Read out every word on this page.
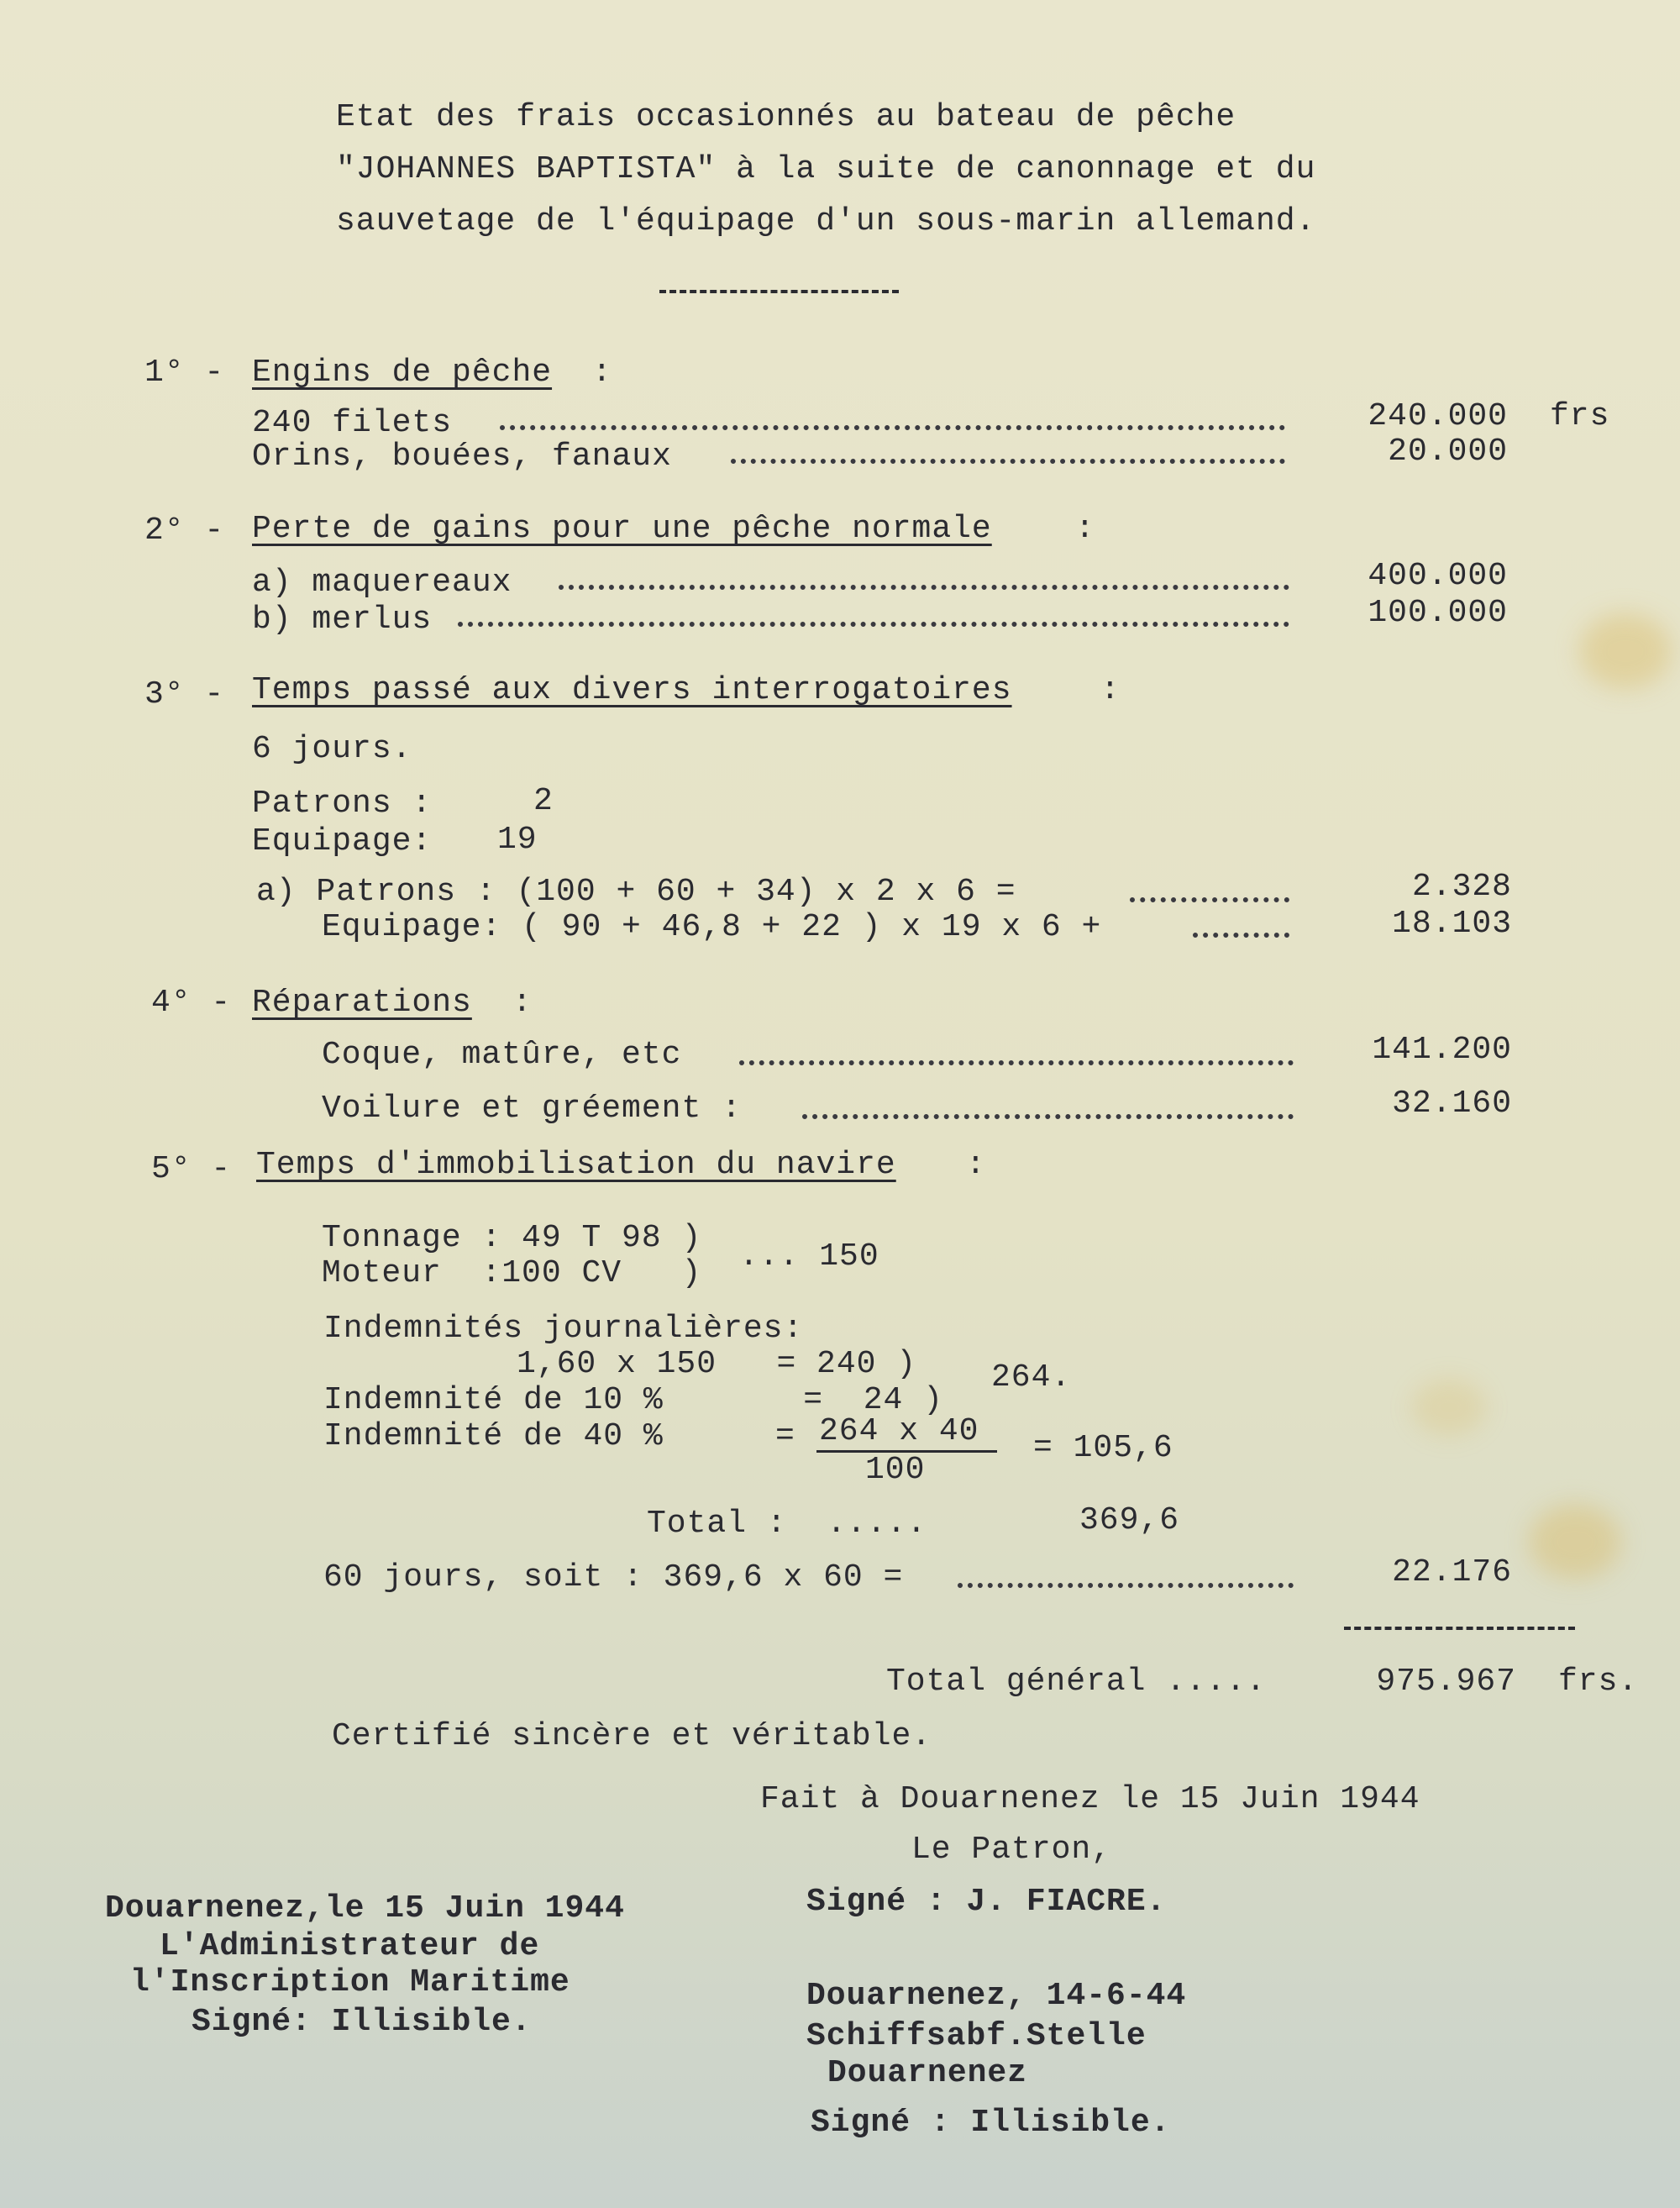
Etat des frais occasionnés au bateau de pêche
"JOHANNES BAPTISTA" à la suite de canonnage et du
sauvetage de l'équipage d'un sous-marin allemand.
1° - Engins de pêche :
240 filets	240.000 frs
Orins, bouées, fanaux	20.000
2° - Perte de gains pour une pêche normale	:
a) maquereaux	400.000
b) merlus	100.000
3° - Temps passé aux divers interrogatoires	:
6 jours.
Patrons :	2
Equipage: 19
a) Patrons : (100 + 60 + 34) x 2 x 6 =	2.328
Equipage: ( 90 + 46,8 + 22 ) x 19 x 6 +	18.103
4° - Réparations :
Coque, matûre, etc	141.200
Voilure et gréement :	32.160
5° - Temps d'immobilisation du navire :
Tonnage : 49 T 98 )
Moteur  :100 CV   ) ... 150
Indemnités journalières:
1,60 x 150   = 240 )
Indemnité de 10 %       =  24 )
264.
Indemnité de 40 %	= 264 x 40
100
= 105,6
Total :  .....	369,6
60 jours, soit : 369,6 x 60 =	22.176
Total général .....	975.967 frs.
Certifié sincère et véritable.
Fait à Douarnenez le 15 Juin 1944
Le Patron,
Signé : J. FIACRE.
Douarnenez,le 15 Juin 1944
L'Administrateur de
l'Inscription Maritime
Signé: Illisible.
Douarnenez, 14-6-44
Schiffsabf.Stelle
Douarnenez
Signé : Illisible.
